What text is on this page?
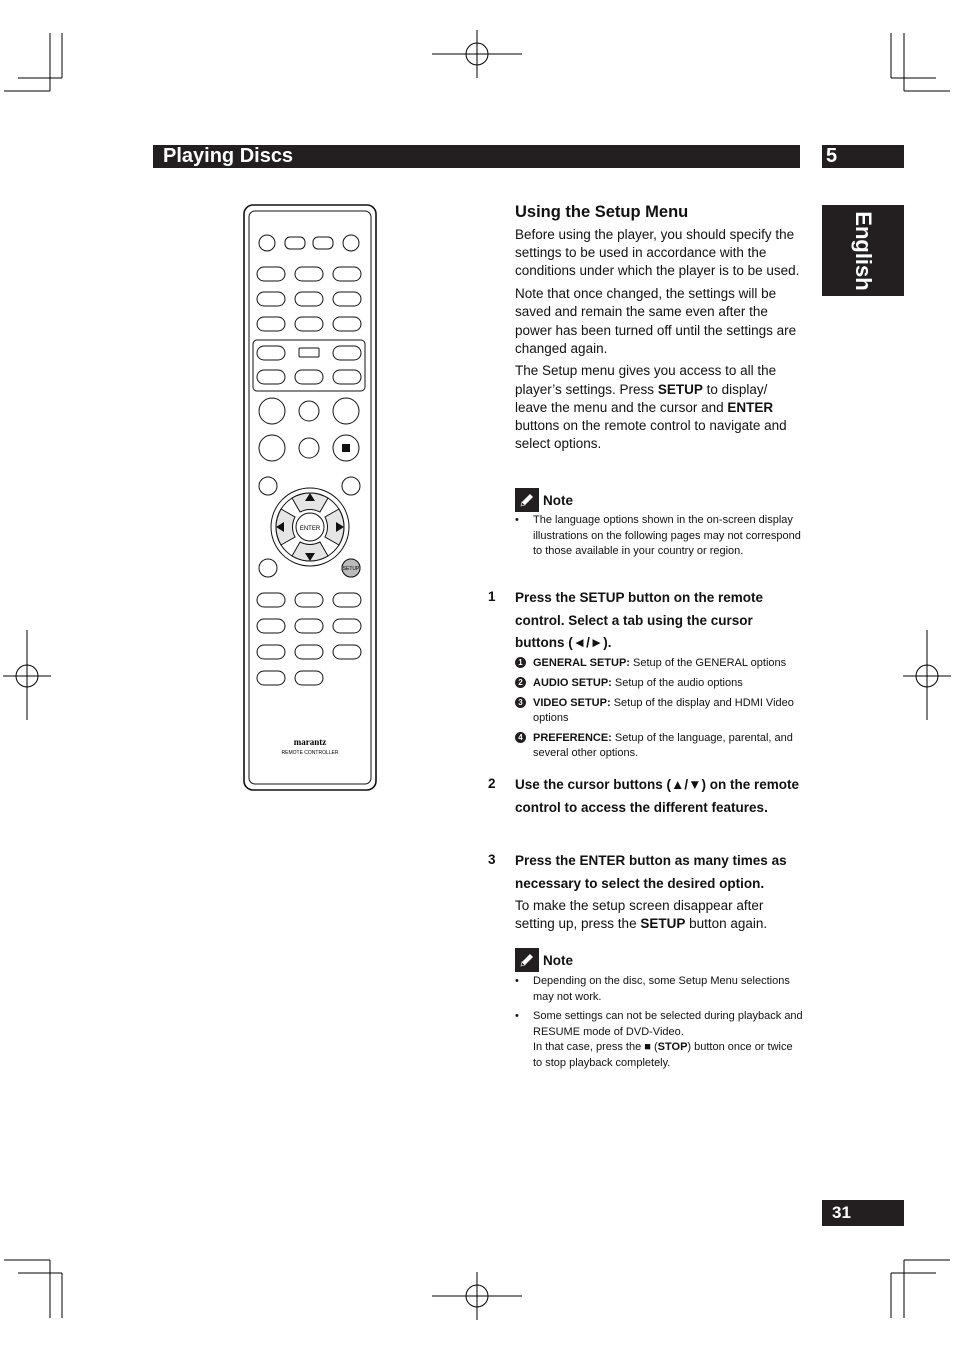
Playing Discs	5
English
ENTER
SETUP
marantz
REMOTE CONTROLLER
Using the Setup Menu

Before using the player, you should specify the settings to be used in accordance with the conditions under which the player is to be used.

Note that once changed, the settings will be saved and remain the same even after the power has been turned off until the settings are changed again.

The Setup menu gives you access to all the player’s settings. Press SETUP to display/ leave the menu and the cursor and ENTER buttons on the remote control to navigate and select options.

Note
• The language options shown in the on-screen display illustrations on the following pages may not correspond to those available in your country or region.
1 Press the SETUP button on the remote control. Select a tab using the cursor buttons (◄/►).
1 GENERAL SETUP: Setup of the GENERAL options
2 AUDIO SETUP: Setup of the audio options
3 VIDEO SETUP: Setup of the display and HDMI Video options
4 PREFERENCE: Setup of the language, parental, and several other options.
2 Use the cursor buttons (▲/▼) on the remote control to access the different features.
3 Press the ENTER button as many times as necessary to select the desired option.

To make the setup screen disappear after setting up, press the SETUP button again.

Note
• Depending on the disc, some Setup Menu selections may not work.
• Some settings can not be selected during playback and RESUME mode of DVD-Video.
In that case, press the ■ (STOP) button once or twice to stop playback completely.
31
